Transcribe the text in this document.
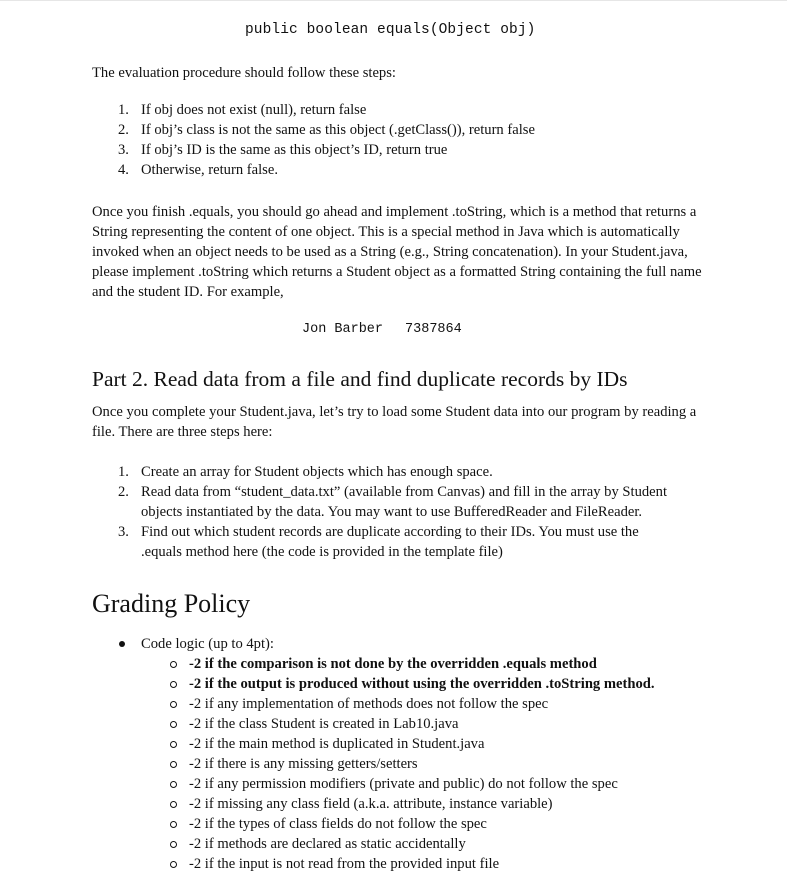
public boolean equals(Object obj)

The evaluation procedure should follow these steps:

1. If obj does not exist (null), return false
2. If obj’s class is not the same as this object (.getClass()), return false
3. If obj’s ID is the same as this object’s ID, return true
4. Otherwise, return false.

Once you finish .equals, you should go ahead and implement .toString, which is a method that returns a String representing the content of one object. This is a special method in Java which is automatically invoked when an object needs to be used as a String (e.g., String concatenation). In your Student.java, please implement .toString which returns a Student object as a formatted String containing the full name and the student ID. For example,

Jon Barber 7387864
Part 2. Read data from a file and find duplicate records by IDs

Once you complete your Student.java, let’s try to load some Student data into our program by reading a file. There are three steps here:

1. Create an array for Student objects which has enough space.
2. Read data from “student_data.txt” (available from Canvas) and fill in the array by Student objects instantiated by the data. You may want to use BufferedReader and FileReader.
3. Find out which student records are duplicate according to their IDs. You must use the .equals method here (the code is provided in the template file)
Grading Policy
Code logic (up to 4pt):
-2 if the comparison is not done by the overridden .equals method
-2 if the output is produced without using the overridden .toString method.
-2 if any implementation of methods does not follow the spec
-2 if the class Student is created in Lab10.java
-2 if the main method is duplicated in Student.java
-2 if there is any missing getters/setters
-2 if any permission modifiers (private and public) do not follow the spec
-2 if missing any class field (a.k.a. attribute, instance variable)
-2 if the types of class fields do not follow the spec
-2 if methods are declared as static accidentally
-2 if the input is not read from the provided input file
